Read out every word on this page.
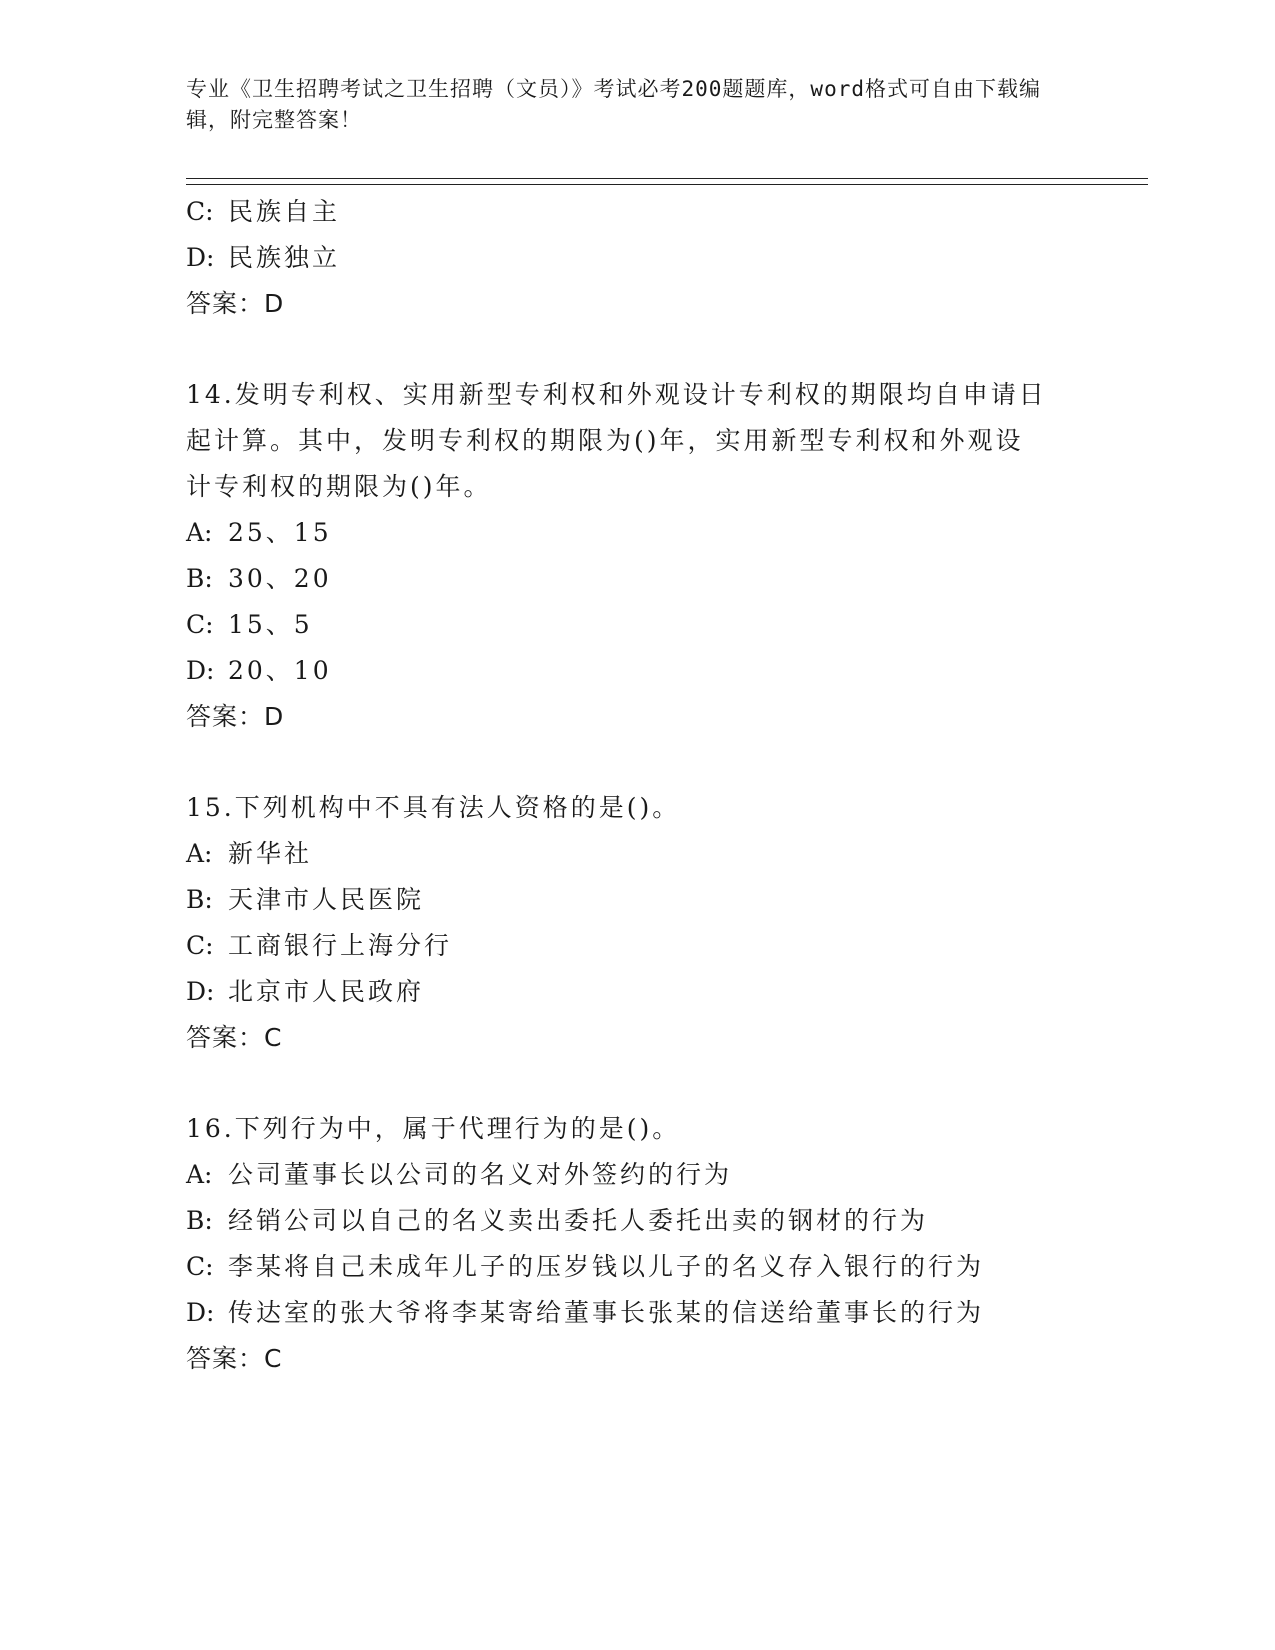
专业《卫生招聘考试之卫生招聘（文员）》考试必考200题题库，word格式可自由下载编辑，附完整答案！
C: 民族自主
D: 民族独立
答案：D
14.发明专利权、实用新型专利权和外观设计专利权的期限均自申请日
起计算。其中，发明专利权的期限为()年，实用新型专利权和外观设
计专利权的期限为()年。
A: 25、15
B: 30、20
C: 15、5
D: 20、10
答案：D
15.下列机构中不具有法人资格的是()。
A: 新华社
B: 天津市人民医院
C: 工商银行上海分行
D: 北京市人民政府
答案：C
16.下列行为中，属于代理行为的是()。
A: 公司董事长以公司的名义对外签约的行为
B: 经销公司以自己的名义卖出委托人委托出卖的钢材的行为
C: 李某将自己未成年儿子的压岁钱以儿子的名义存入银行的行为
D: 传达室的张大爷将李某寄给董事长张某的信送给董事长的行为
答案：C
